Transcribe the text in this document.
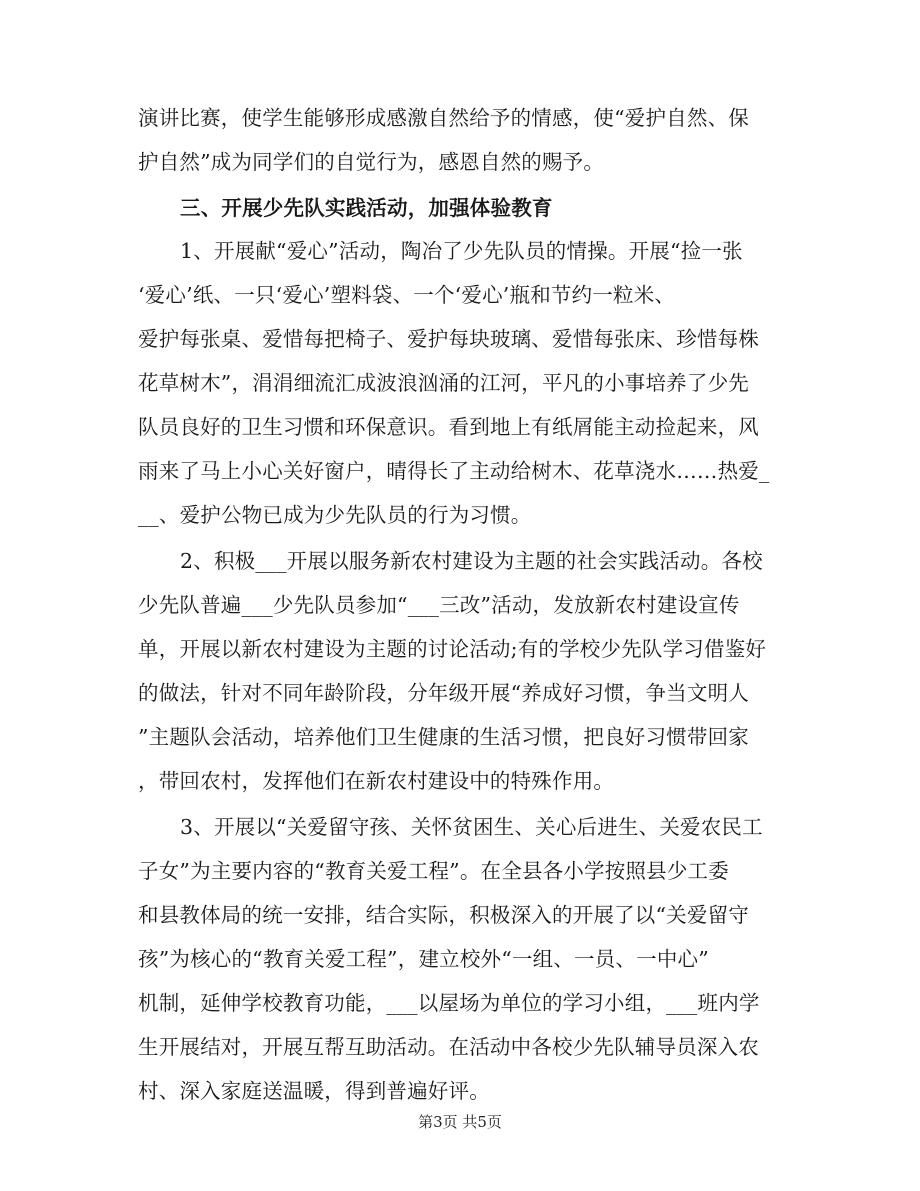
演讲比赛，使学生能够形成感激自然给予的情感，使“爱护自然、保
护自然”成为同学们的自觉行为，感恩自然的赐予。
三、开展少先队实践活动，加强体验教育
1、开展献“爱心”活动，陶冶了少先队员的情操。开展“捡一张
‘爱心’纸、一只‘爱心’塑料袋、一个‘爱心’瓶和节约一粒米、
爱护每张桌、爱惜每把椅子、爱护每块玻璃、爱惜每张床、珍惜每株
花草树木”，涓涓细流汇成波浪汹涌的江河，平凡的小事培养了少先
队员良好的卫生习惯和环保意识。看到地上有纸屑能主动捡起来，风
雨来了马上小心关好窗户，晴得长了主动给树木、花草浇水……热爱_
__、爱护公物已成为少先队员的行为习惯。
2、积极___开展以服务新农村建设为主题的社会实践活动。各校
少先队普遍___少先队员参加“___三改”活动，发放新农村建设宣传
单，开展以新农村建设为主题的讨论活动;有的学校少先队学习借鉴好
的做法，针对不同年龄阶段，分年级开展“养成好习惯，争当文明人
”主题队会活动，培养他们卫生健康的生活习惯，把良好习惯带回家
，带回农村，发挥他们在新农村建设中的特殊作用。
3、开展以“关爱留守孩、关怀贫困生、关心后进生、关爱农民工
子女”为主要内容的“教育关爱工程”。在全县各小学按照县少工委
和县教体局的统一安排，结合实际，积极深入的开展了以“关爱留守
孩”为核心的“教育关爱工程”，建立校外“一组、一员、一中心”
机制，延伸学校教育功能，___以屋场为单位的学习小组，___班内学
生开展结对，开展互帮互助活动。在活动中各校少先队辅导员深入农
村、深入家庭送温暖，得到普遍好评。
第3页 共5页
